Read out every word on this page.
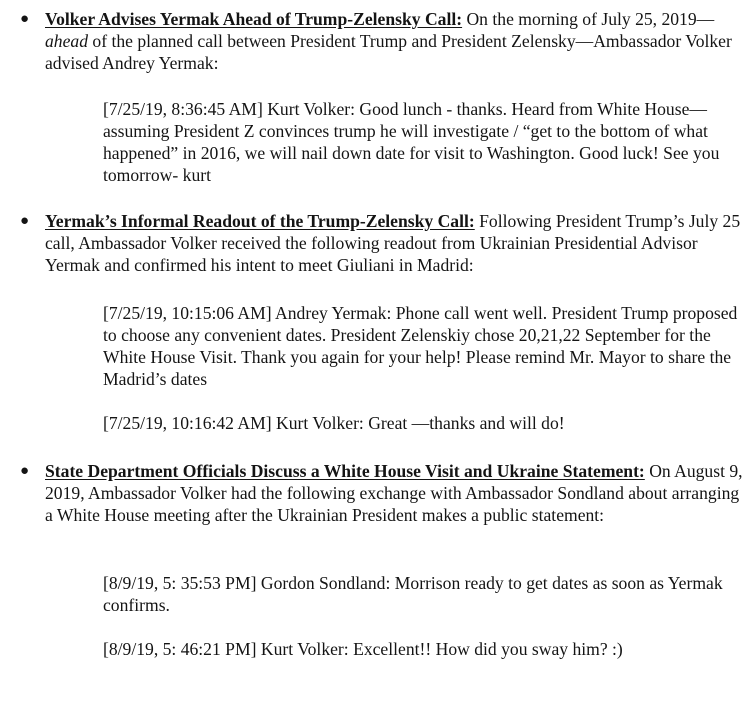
● Volker Advises Yermak Ahead of Trump-Zelensky Call: On the morning of July 25, 2019—ahead of the planned call between President Trump and President Zelensky—Ambassador Volker advised Andrey Yermak:

[7/25/19, 8:36:45 AM] Kurt Volker: Good lunch - thanks. Heard from White House—assuming President Z convinces trump he will investigate / “get to the bottom of what happened” in 2016, we will nail down date for visit to Washington. Good luck! See you tomorrow- kurt

● Yermak’s Informal Readout of the Trump-Zelensky Call: Following President Trump’s July 25 call, Ambassador Volker received the following readout from Ukrainian Presidential Advisor Yermak and confirmed his intent to meet Giuliani in Madrid:

[7/25/19, 10:15:06 AM] Andrey Yermak: Phone call went well. President Trump proposed to choose any convenient dates. President Zelenskiy chose 20,21,22 September for the White House Visit. Thank you again for your help! Please remind Mr. Mayor to share the Madrid’s dates

[7/25/19, 10:16:42 AM] Kurt Volker: Great —thanks and will do!

● State Department Officials Discuss a White House Visit and Ukraine Statement: On August 9, 2019, Ambassador Volker had the following exchange with Ambassador Sondland about arranging a White House meeting after the Ukrainian President makes a public statement:

[8/9/19, 5: 35:53 PM] Gordon Sondland: Morrison ready to get dates as soon as Yermak confirms.

[8/9/19, 5: 46:21 PM] Kurt Volker: Excellent!! How did you sway him? :)
